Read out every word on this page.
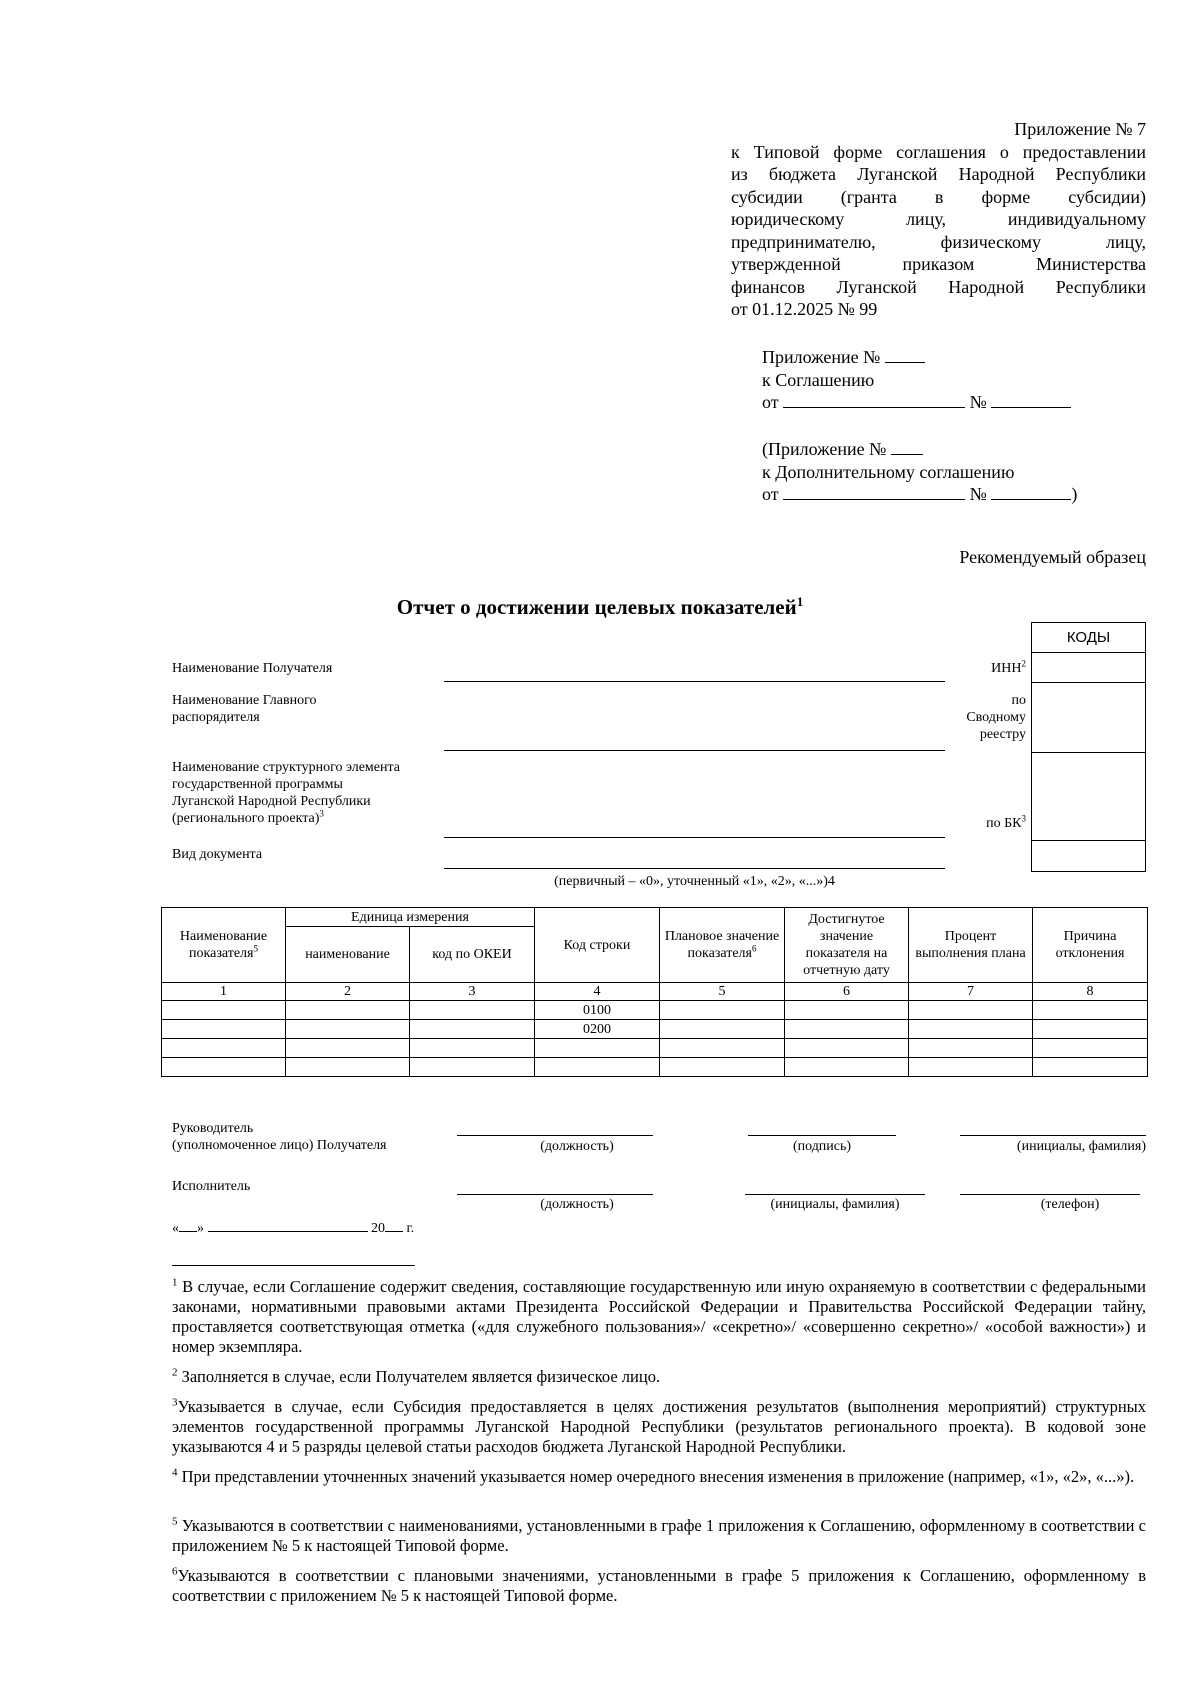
Приложение № 7
к Типовой форме соглашения о предоставлении
из бюджета Луганской Народной Республики
субсидии (гранта в форме субсидии)
юридическому лицу, индивидуальному
предпринимателю, физическому лицу,
утвержденной приказом Министерства
финансов Луганской Народной Республики
от 01.12.2025 № 99
Приложение №
к Соглашению
от	№
(Приложение №
к Дополнительному соглашению
от	№	)
Рекомендуемый образец
Отчет о достижении целевых показателей$^1$
КОДЫ
Наименование Получателя	ИНН$^2$
Наименование Главного
распорядителя
по
Сводному
реестру
Наименование структурного элемента
государственной программы
Луганской Народной Республики
(регионального проекта)$^3$
по $БК^3$
Вид документа
(первичный – «0», уточненный «1», «2», «...»)4
Наименование показателя$^5$	Единица измерения		Код строки	Плановое значение показателя$^6$	Достигнутое значение показателя на отчетную дату	Процент выполнения плана	Причина отклонения
	наименование	код по ОКЕИ					
1	2	3	4	5	6	7	8
			0100				
			0200				

Руководитель
(уполномоченное лицо) Получателя	(должность)	(подпись)	(инициалы, фамилия)
Исполнитель
(должность)	(инициалы, фамилия)	(телефон)
« »	20 г.
$^1$ В случае, если Соглашение содержит сведения, составляющие государственную или иную охраняемую в соответствии с федеральными законами, нормативными правовыми актами Президента Российской Федерации и Правительства Российской Федерации тайну, проставляется соответствующая отметка («для служебного пользования»/ «секретно»/ «совершенно секретно»/ «особой важности») и номер экземпляра.
$^2$ Заполняется в случае, если Получателем является физическое лицо.
$^3$Указывается в случае, если Субсидия предоставляется в целях достижения результатов (выполнения мероприятий) структурных элементов государственной программы Луганской Народной Республики (результатов регионального проекта). В кодовой зоне указываются 4 и 5 разряды целевой статьи расходов бюджета Луганской Народной Республики.
$^4$ При представлении уточненных значений указывается номер очередного внесения изменения в приложение (например, «1», «2», «...»).
$^5$ Указываются в соответствии с наименованиями, установленными в графе 1 приложения к Соглашению, оформленному в соответствии с приложением № 5 к настоящей Типовой форме.
$^6$Указываются в соответствии с плановыми значениями, установленными в графе 5 приложения к Соглашению, оформленному в соответствии с приложением № 5 к настоящей Типовой форме.
